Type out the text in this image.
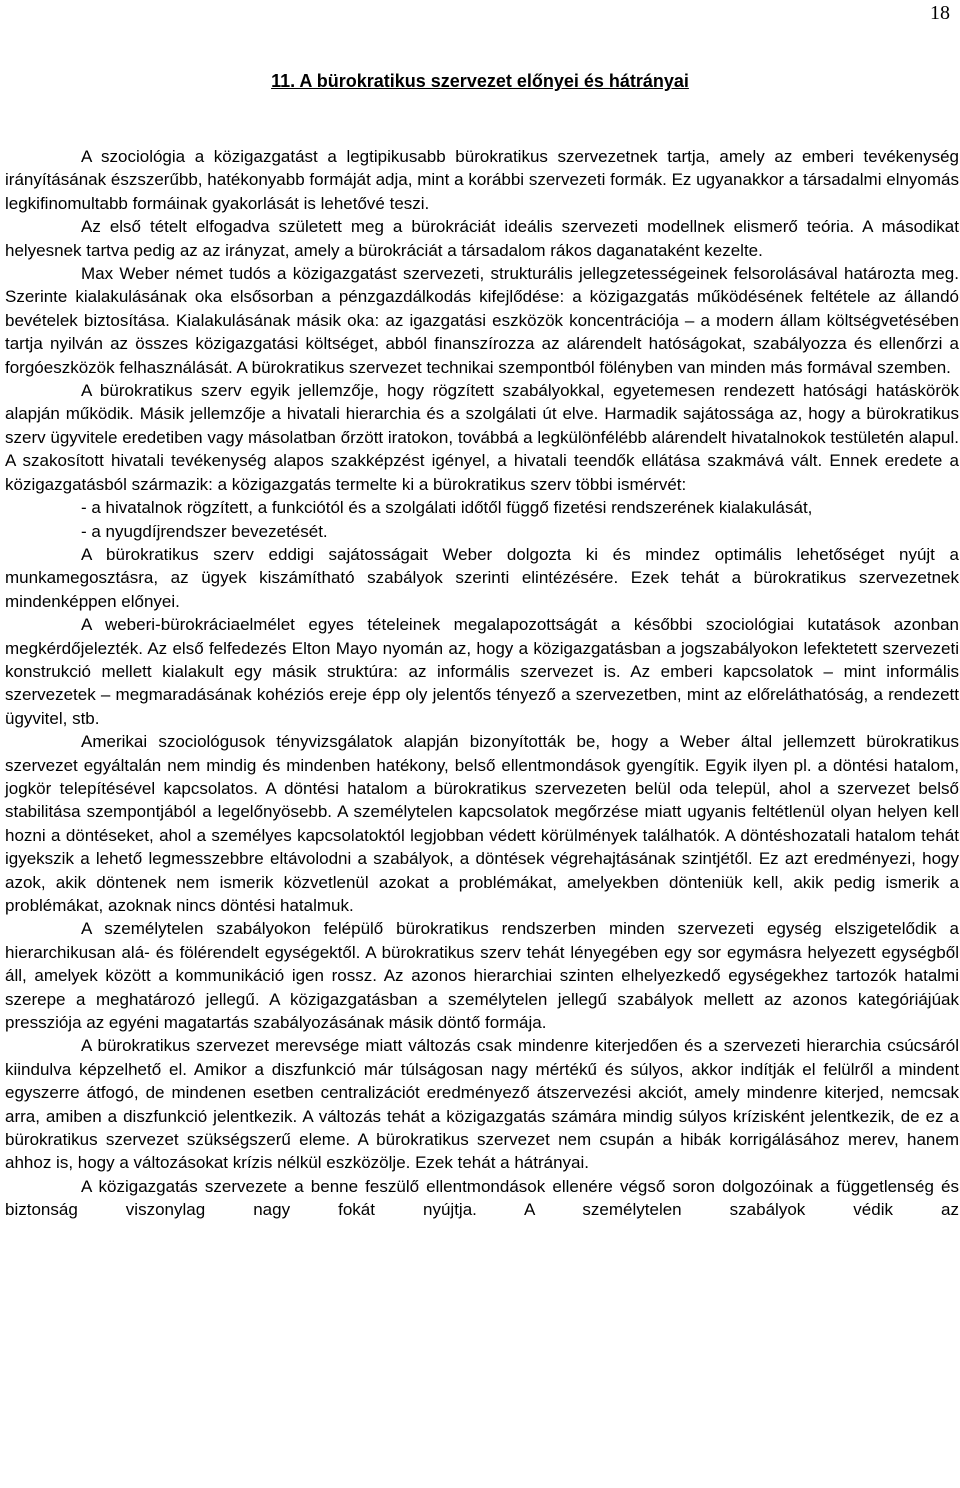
18
11. A bürokratikus szervezet előnyei és hátrányai

A szociológia a közigazgatást a legtipikusabb bürokratikus szervezetnek tartja, amely az emberi tevékenység irányításának észszerűbb, hatékonyabb formáját adja, mint a korábbi szervezeti formák. Ez ugyanakkor a társadalmi elnyomás legkifinomultabb formáinak gyakorlását is lehetővé teszi.

Az első tételt elfogadva született meg a bürokráciát ideális szervezeti modellnek elismerő teória. A másodikat helyesnek tartva pedig az az irányzat, amely a bürokráciát a társadalom rákos daganataként kezelte.

Max Weber német tudós a közigazgatást szervezeti, strukturális jellegzetességeinek felsorolásával határozta meg. Szerinte kialakulásának oka elsősorban a pénzgazdálkodás kifejlődése: a közigazgatás működésének feltétele az állandó bevételek biztosítása. Kialakulásának másik oka: az igazgatási eszközök koncentrációja – a modern állam költségvetésében tartja nyilván az összes közigazgatási költséget, abból finanszírozza az alárendelt hatóságokat, szabályozza és ellenőrzi a forgóeszközök felhasználását. A bürokratikus szervezet technikai szempontból fölényben van minden más formával szemben.

A bürokratikus szerv egyik jellemzője, hogy rögzített szabályokkal, egyetemesen rendezett hatósági hatáskörök alapján működik. Másik jellemzője a hivatali hierarchia és a szolgálati út elve. Harmadik sajátossága az, hogy a bürokratikus szerv ügyvitele eredetiben vagy másolatban őrzött iratokon, továbbá a legkülönfélébb alárendelt hivatalnokok testületén alapul. A szakosított hivatali tevékenység alapos szakképzést igényel, a hivatali teendők ellátása szakmává vált. Ennek eredete a közigazgatásból származik: a közigazgatás termelte ki a bürokratikus szerv többi ismérvét:

- a hivatalnok rögzített, a funkciótól és a szolgálati időtől függő fizetési rendszerének kialakulását,

- a nyugdíjrendszer bevezetését.

A bürokratikus szerv eddigi sajátosságait Weber dolgozta ki és mindez optimális lehetőséget nyújt a munkamegosztásra, az ügyek kiszámítható szabályok szerinti elintézésére. Ezek tehát a bürokratikus szervezetnek mindenképpen előnyei.

A weberi-bürokráciaelmélet egyes tételeinek megalapozottságát a későbbi szociológiai kutatások azonban megkérdőjelezték. Az első felfedezés Elton Mayo nyomán az, hogy a közigazgatásban a jogszabályokon lefektetett szervezeti konstrukció mellett kialakult egy másik struktúra: az informális szervezet is. Az emberi kapcsolatok – mint informális szervezetek – megmaradásának kohéziós ereje épp oly jelentős tényező a szervezetben, mint az előreláthatóság, a rendezett ügyvitel, stb.

Amerikai szociológusok tényvizsgálatok alapján bizonyították be, hogy a Weber által jellemzett bürokratikus szervezet egyáltalán nem mindig és mindenben hatékony, belső ellentmondások gyengítik. Egyik ilyen pl. a döntési hatalom, jogkör telepítésével kapcsolatos. A döntési hatalom a bürokratikus szervezeten belül oda települ, ahol a szervezet belső stabilitása szempontjából a legelőnyösebb. A személytelen kapcsolatok megőrzése miatt ugyanis feltétlenül olyan helyen kell hozni a döntéseket, ahol a személyes kapcsolatoktól legjobban védett körülmények találhatók. A döntéshozatali hatalom tehát igyekszik a lehető legmesszebbre eltávolodni a szabályok, a döntések végrehajtásának szintjétől. Ez azt eredményezi, hogy azok, akik döntenek nem ismerik közvetlenül azokat a problémákat, amelyekben dönteniük kell, akik pedig ismerik a problémákat, azoknak nincs döntési hatalmuk.

A személytelen szabályokon felépülő bürokratikus rendszerben minden szervezeti egység elszigetelődik a hierarchikusan alá- és fölérendelt egységektől. A bürokratikus szerv tehát lényegében egy sor egymásra helyezett egységből áll, amelyek között a kommunikáció igen rossz. Az azonos hierarchiai szinten elhelyezkedő egységekhez tartozók hatalmi szerepe a meghatározó jellegű. A közigazgatásban a személytelen jellegű szabályok mellett az azonos kategóriájúak pressziója az egyéni magatartás szabályozásának másik döntő formája.

A bürokratikus szervezet merevsége miatt változás csak mindenre kiterjedően és a szervezeti hierarchia csúcsáról kiindulva képzelhető el. Amikor a diszfunkció már túlságosan nagy mértékű és súlyos, akkor indítják el felülről a mindent egyszerre átfogó, de mindenen esetben centralizációt eredményező átszervezési akciót, amely mindenre kiterjed, nemcsak arra, amiben a diszfunkció jelentkezik. A változás tehát a közigazgatás számára mindig súlyos krízisként jelentkezik, de ez a bürokratikus szervezet szükségszerű eleme. A bürokratikus szervezet nem csupán a hibák korrigálásához merev, hanem ahhoz is, hogy a változásokat krízis nélkül eszközölje. Ezek tehát a hátrányai.

A közigazgatás szervezete a benne feszülő ellentmondások ellenére végső soron dolgozóinak a függetlenség és biztonság viszonylag nagy fokát nyújtja. A személytelen szabályok védik az
